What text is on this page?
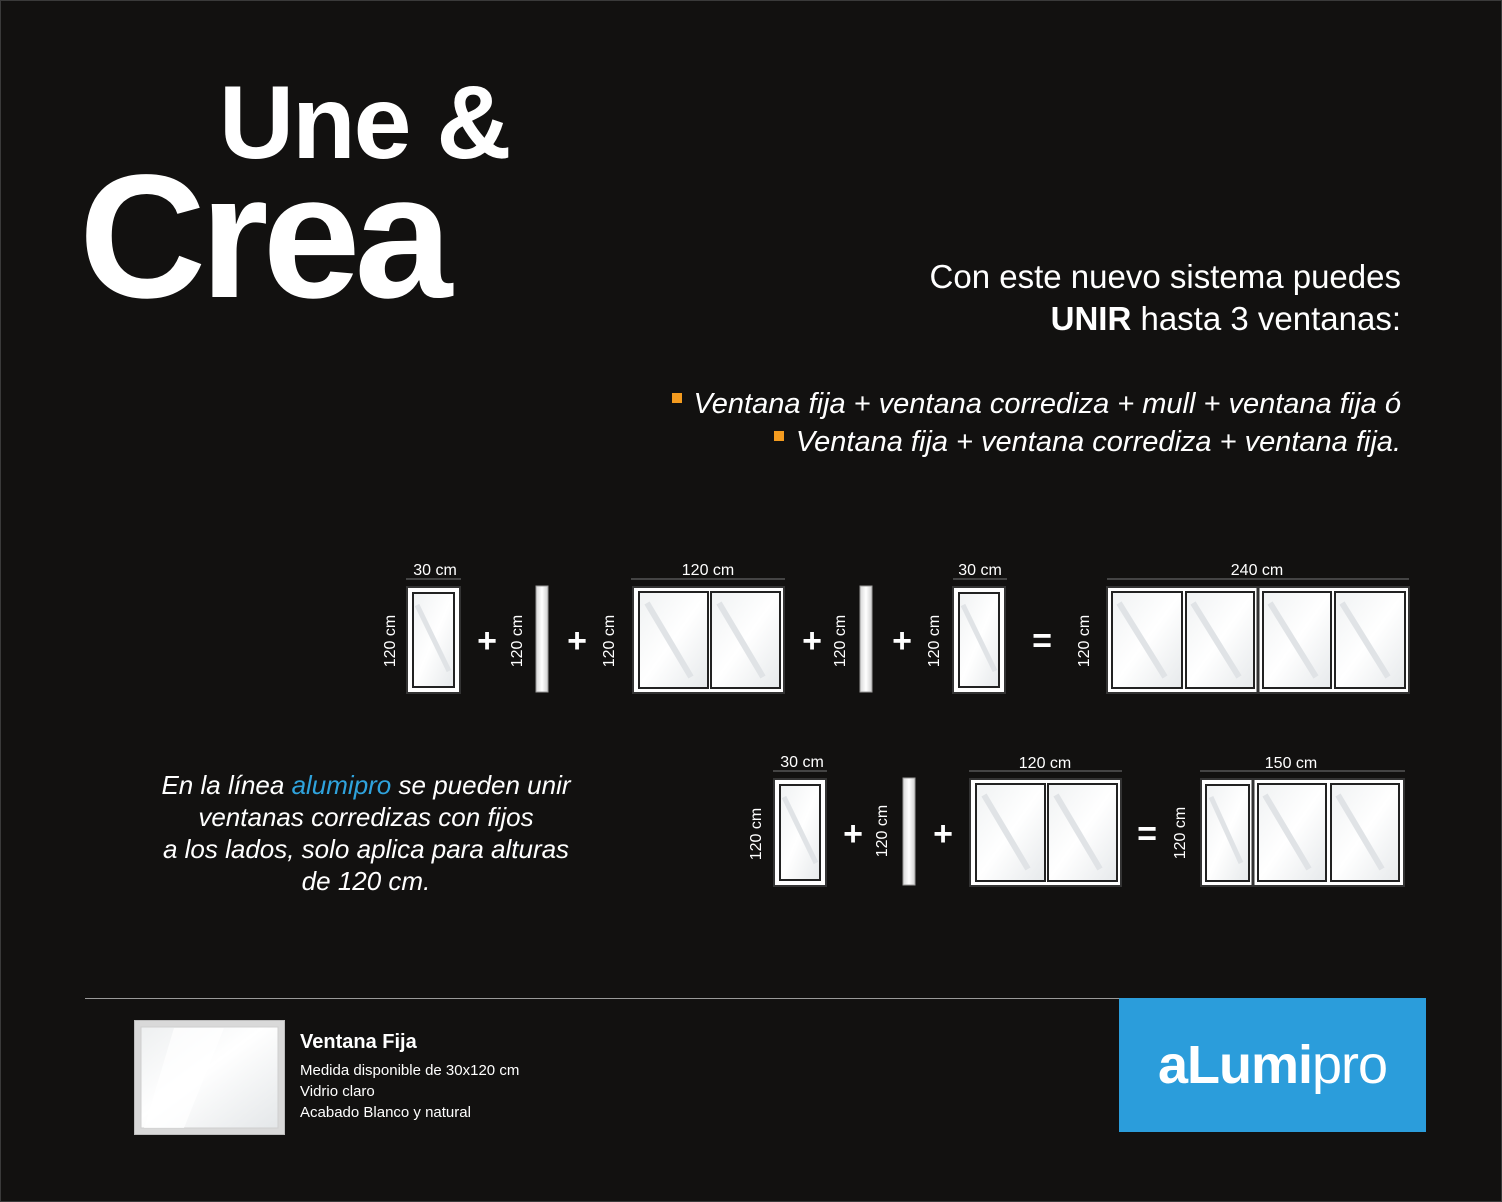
Une &
Crea	Con este nuevo sistema puedes
UNIR hasta 3 ventanas:
Ventana fija + ventana corrediza + mull + ventana fija ó
Ventana fija + ventana corrediza + ventana fija.
30 cm
120 cm + 120 cm +
120 cm
120 cm	+ 120 cm +
30 cm
120 cm	=
240 cm
120 cm
30 cm
120 cm + 120 cm +
120 cm
=
150 cm
120 cm
En la línea alumipro se pueden unir
ventanas corredizas con fijos
a los lados, solo aplica para alturas
de 120 cm.
Ventana Fija
Medida disponible de 30x120 cm
Vidrio claro
Acabado Blanco y natural
aLumipro
